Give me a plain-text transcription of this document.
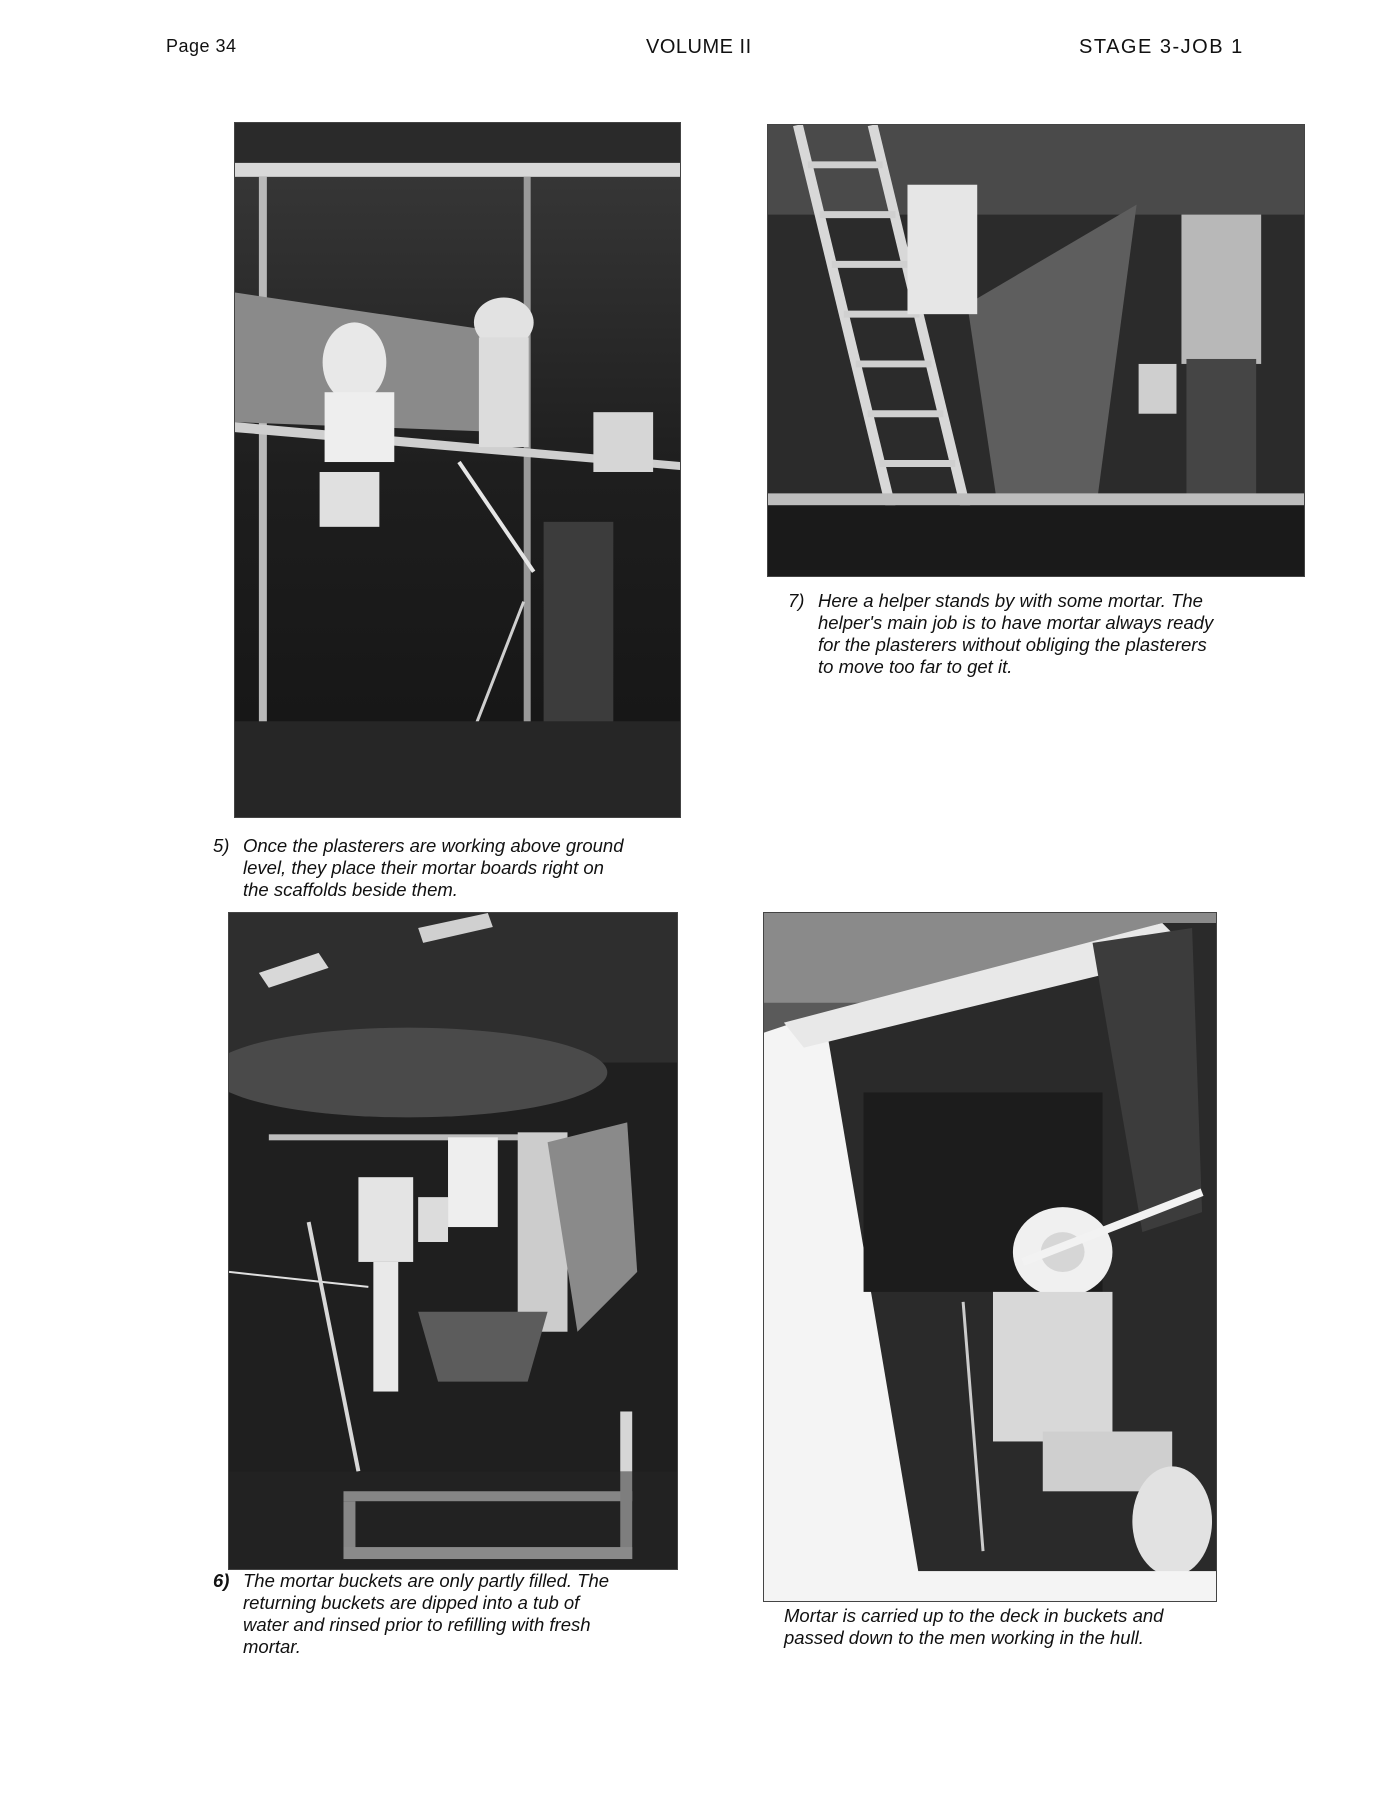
Page 34	VOLUME II	STAGE 3-JOB 1
5) Once the plasterers are working above ground
level, they place their mortar boards right on
the scaffolds beside them.
7) Here a helper stands by with some mortar. The
helper's main job is to have mortar always ready
for the plasterers without obliging the plasterers
to move too far to get it.
6) The mortar buckets are only partly filled. The
returning buckets are dipped into a tub of
water and rinsed prior to refilling with fresh
mortar.
Mortar is carried up to the deck in buckets and
passed down to the men working in the hull.
